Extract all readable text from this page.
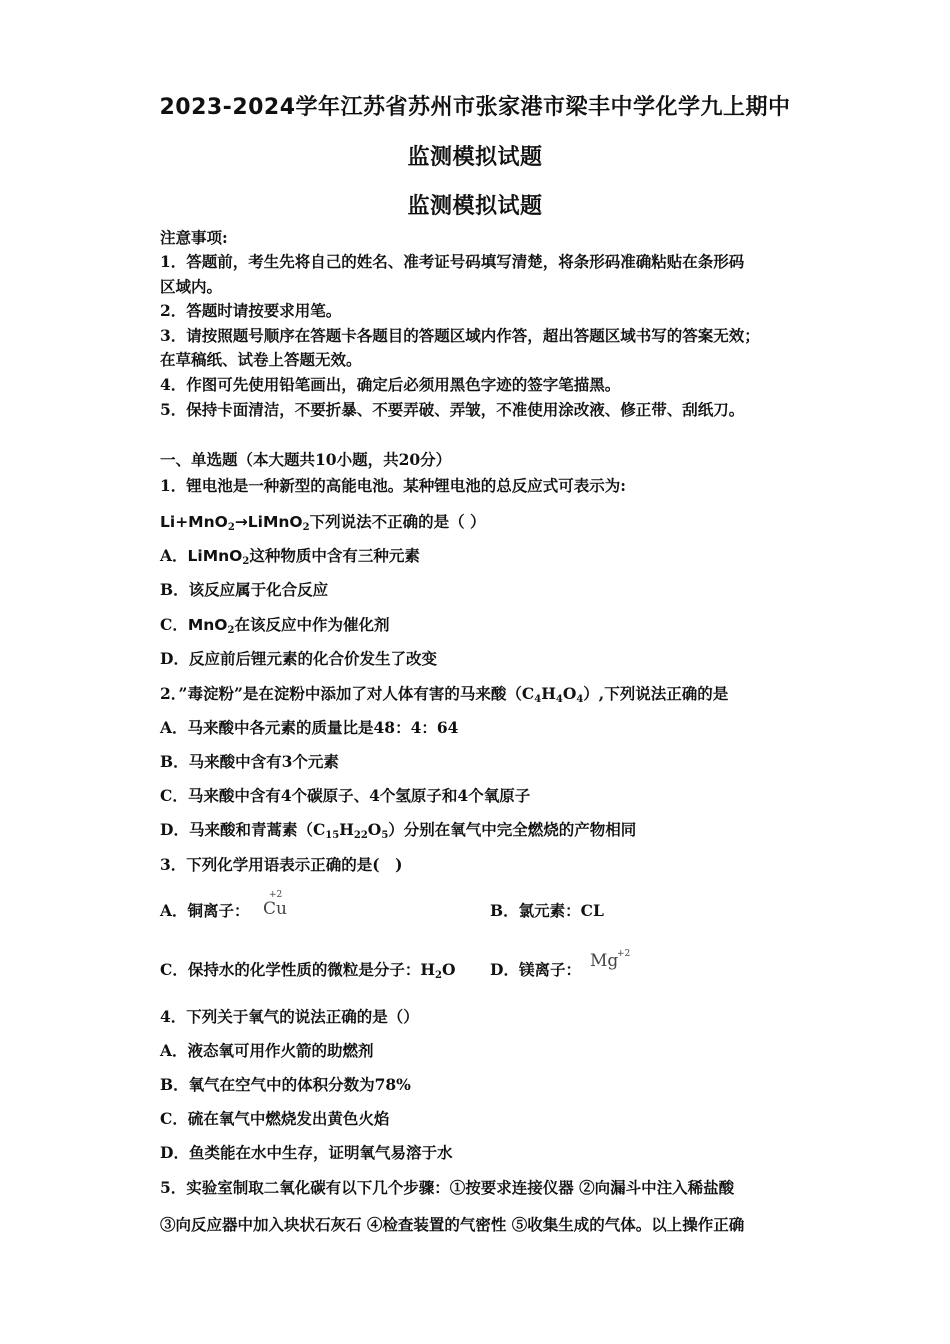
2023-2024学年江苏省苏州市张家港市梁丰中学化学九上期中
监测模拟试题
监测模拟试题
注意事项:
1．答题前，考生先将自己的姓名、准考证号码填写清楚，将条形码准确粘贴在条形码
区域内。
2．答题时请按要求用笔。
3．请按照题号顺序在答题卡各题目的答题区域内作答，超出答题区域书写的答案无效；
在草稿纸、试卷上答题无效。
4．作图可先使用铅笔画出，确定后必须用黑色字迹的签字笔描黑。
5．保持卡面清洁，不要折暴、不要弄破、弄皱，不准使用涂改液、修正带、刮纸刀。
一、单选题（本大题共10小题，共20分）
1．锂电池是一种新型的高能电池。某种锂电池的总反应式可表示为:
Li+MnO$_2$→LiMnO$_2$下列说法不正确的是（ ）
A．LiMnO$_2$这种物质中含有三种元素
B．该反应属于化合反应
C．MnO$_2$在该反应中作为催化剂
D．反应前后锂元素的化合价发生了改变
2．”毒淀粉”是在淀粉中添加了对人体有害的马来酸$(C_4H_4O_4)$,下列说法正确的是
A．马来酸中各元素的质量比是48：4：64
B．马来酸中含有3个元素
C．马来酸中含有4个碳原子、4个氢原子和4个氧原子
D．马来酸和青蒿素$(C_{15}H_{22}O_5)$分别在氧气中完全燃烧的产物相同
3．下列化学用语表示正确的是(　)
A．铜离子：
+2
Cu	B．氯元素：CL
C．保持水的化学性质的微粒是分子：$H_2O$	D．镁离子： Mg
+2
4．下列关于氧气的说法正确的是（）
A．液态氧可用作火箭的助燃剂
B．氧气在空气中的体积分数为78%
C．硫在氧气中燃烧发出黄色火焰
D．鱼类能在水中生存，证明氧气易溶于水
5．实验室制取二氧化碳有以下几个步骤：①按要求连接仪器 ②向漏斗中注入稀盐酸
③向反应器中加入块状石灰石 ④检查装置的气密性 ⑤收集生成的气体。以上操作正确
